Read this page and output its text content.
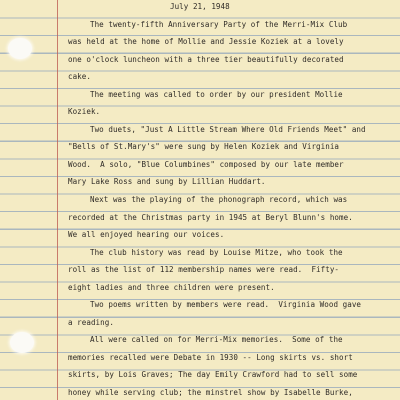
July 21, 1948
The twenty-fifth Anniversary Party of the Merri-Mix Club
was held at the home of Mollie and Jessie Koziek at a lovely
one o'clock luncheon with a three tier beautifully decorated
cake.
The meeting was called to order by our president Mollie
Koziek.
Two duets, "Just A Little Stream Where Old Friends Meet" and
"Bells of St.Mary's" were sung by Helen Koziek and Virginia
Wood.  A solo, "Blue Columbines" composed by our late member
Mary Lake Ross and sung by Lillian Huddart.
Next was the playing of the phonograph record, which was
recorded at the Christmas party in 1945 at Beryl Blunn's home.
We all enjoyed hearing our voices.
The club history was read by Louise Mitze, who took the
roll as the list of 112 membership names were read.  Fifty-
eight ladies and three children were present.
Two poems written by members were read.  Virginia Wood gave
a reading.
All were called on for Merri-Mix memories.  Some of the
memories recalled were Debate in 1930 -- Long skirts vs. short
skirts, by Lois Graves; The day Emily Crawford had to sell some
honey while serving club; the minstrel show by Isabelle Burke,
